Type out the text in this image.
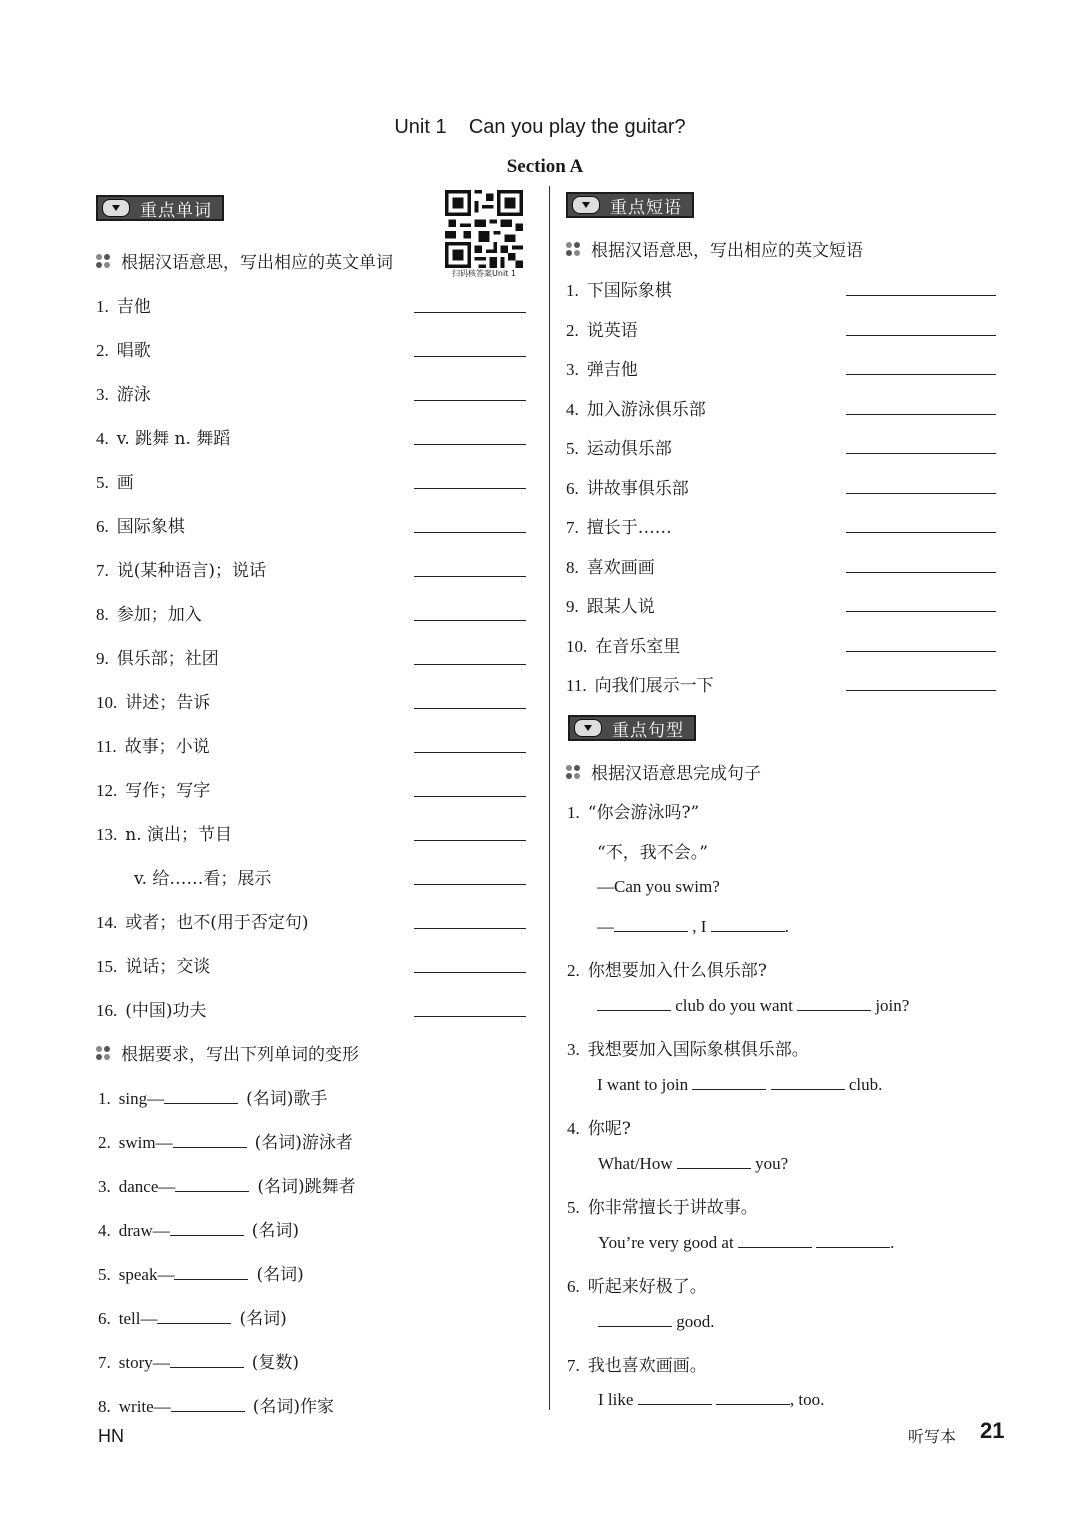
Unit 1    Can you play the guitar?
Section A
重点单词
扫码核答案Unit 1
根据汉语意思，写出相应的英文单词
1. 吉他
2. 唱歌
3. 游泳
4. v. 跳舞 n. 舞蹈
5. 画
6. 国际象棋
7. 说(某种语言)；说话
8. 参加；加入
9. 俱乐部；社团
10. 讲述；告诉
11. 故事；小说
12. 写作；写字
13. n. 演出；节目
v. 给……看；展示
14. 或者；也不(用于否定句)
15. 说话；交谈
16. (中国)功夫
根据要求，写出下列单词的变形
1. sing—	(名词)歌手
2. swim—	(名词)游泳者
3. dance—	(名词)跳舞者
4. draw—	(名词)
5. speak—	(名词)
6. tell—	(名词)
7. story—	(复数)
8. write—	(名词)作家
重点短语
根据汉语意思，写出相应的英文短语
1. 下国际象棋
2. 说英语
3. 弹吉他
4. 加入游泳俱乐部
5. 运动俱乐部
6. 讲故事俱乐部
7. 擅长于……
8. 喜欢画画
9. 跟某人说
10. 在音乐室里
11. 向我们展示一下
重点句型
根据汉语意思完成句子
1. “你会游泳吗?”
“不，我不会。”
—Can you swim?
—	, I	.
2. 你想要加入什么俱乐部?
club do you want	join?
3. 我想要加入国际象棋俱乐部。
I want to join	club.
4. 你呢?
What/How	you?
5. 你非常擅长于讲故事。
You’re very good at	.
6. 听起来好极了。
good.
7. 我也喜欢画画。
I like	, too.
HN	听写本 21
